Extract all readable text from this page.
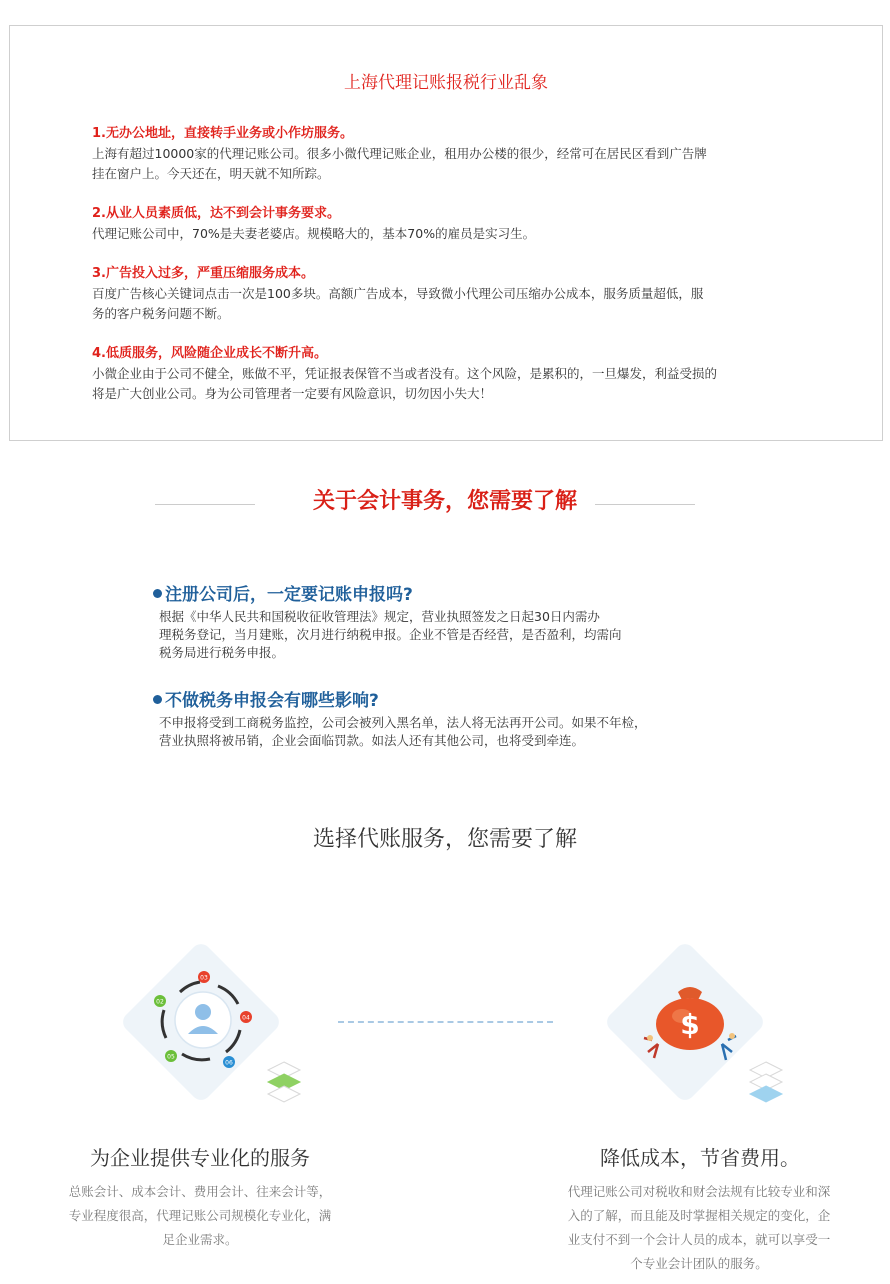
上海代理记账报税行业乱象
1.无办公地址，直接转手业务或小作坊服务。
上海有超过10000家的代理记账公司。很多小微代理记账企业，租用办公楼的很少，经常可在居民区看到广告牌
挂在窗户上。今天还在，明天就不知所踪。
2.从业人员素质低，达不到会计事务要求。
代理记账公司中，70%是夫妻老婆店。规模略大的，基本70%的雇员是实习生。
3.广告投入过多，严重压缩服务成本。
百度广告核心关键词点击一次是100多块。高额广告成本，导致微小代理公司压缩办公成本，服务质量超低，服
务的客户税务问题不断。
4.低质服务，风险随企业成长不断升高。
小微企业由于公司不健全，账做不平，凭证报表保管不当或者没有。这个风险，是累积的，一旦爆发，利益受损的
将是广大创业公司。身为公司管理者一定要有风险意识，切勿因小失大！
关于会计事务，您需要了解
注册公司后，一定要记账申报吗?
根据《中华人民共和国税收征收管理法》规定，营业执照签发之日起30日内需办
理税务登记，当月建账，次月进行纳税申报。企业不管是否经营，是否盈利，均需向
税务局进行税务申报。
不做税务申报会有哪些影响?
不申报将受到工商税务监控，公司会被列入黑名单，法人将无法再开公司。如果不年检，
营业执照将被吊销，企业会面临罚款。如法人还有其他公司，也将受到牵连。
选择代账服务，您需要了解
03
02
04
05
06
$
为企业提供专业化的服务
总账会计、成本会计、费用会计、往来会计等，
专业程度很高，代理记账公司规模化专业化，满
足企业需求。
降低成本，节省费用。
代理记账公司对税收和财会法规有比较专业和深
入的了解，而且能及时掌握相关规定的变化，企
业支付不到一个会计人员的成本，就可以享受一
个专业会计团队的服务。
